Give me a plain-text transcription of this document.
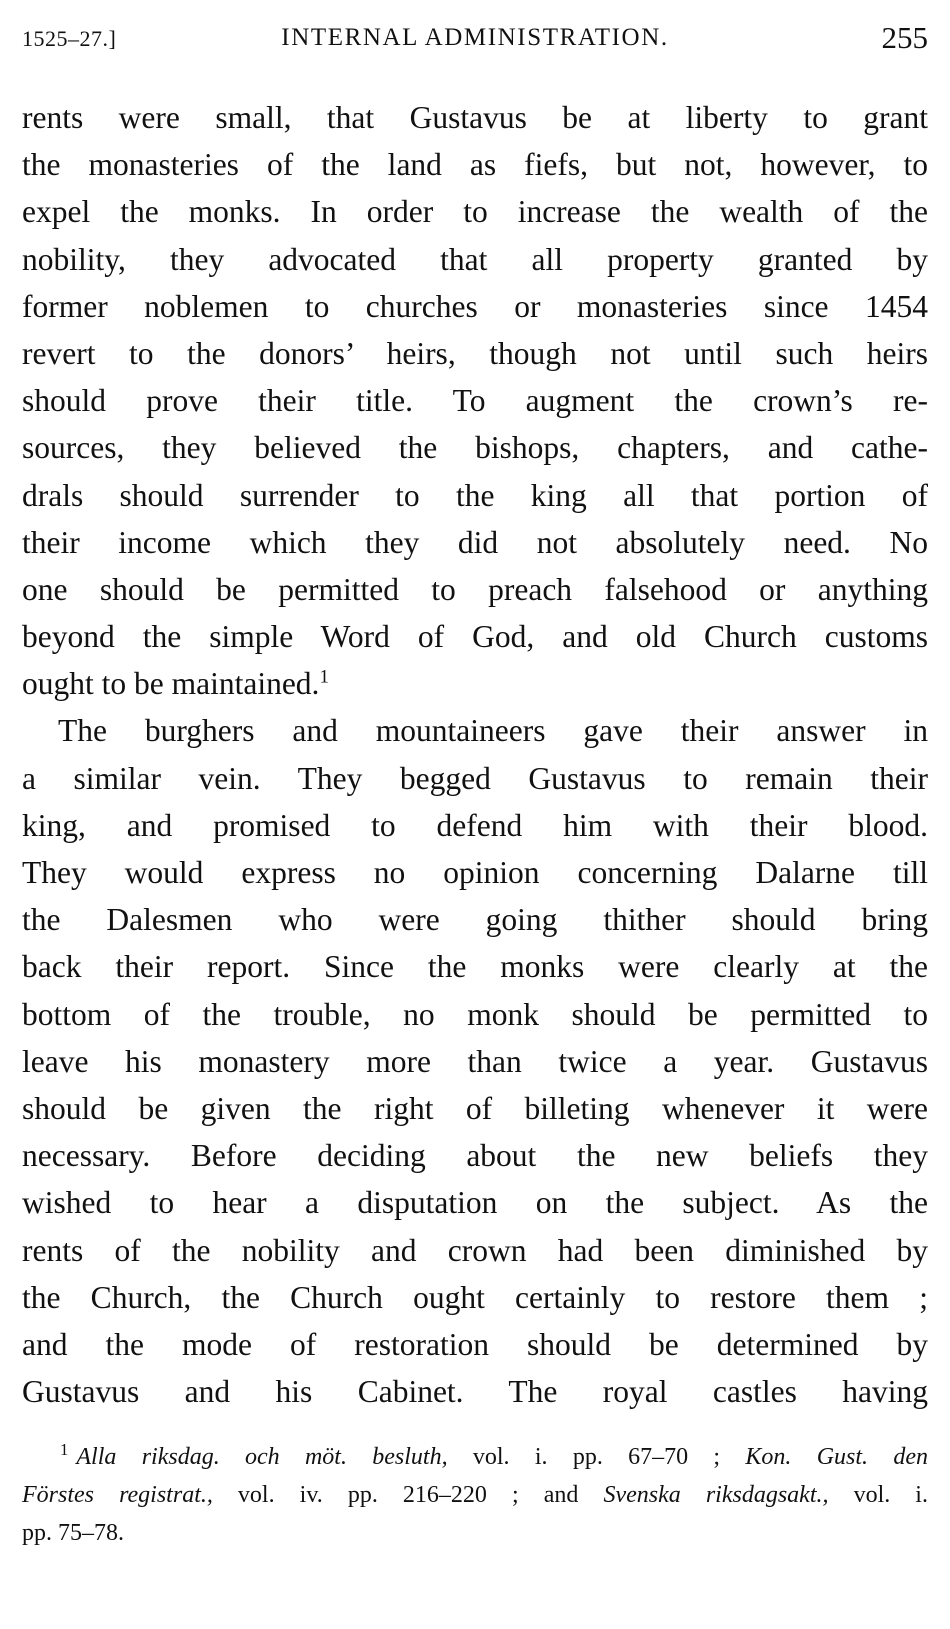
1525–27.]	INTERNAL ADMINISTRATION.	255
rents were small, that Gustavus be at liberty to grant
the monasteries of the land as fiefs, but not, however, to
expel the monks. In order to increase the wealth of the
nobility, they advocated that all property granted by
former noblemen to churches or monasteries since 1454
revert to the donors’ heirs, though not until such heirs
should prove their title. To augment the crown’s re-
sources, they believed the bishops, chapters, and cathe-
drals should surrender to the king all that portion of
their income which they did not absolutely need. No
one should be permitted to preach falsehood or anything
beyond the simple Word of God, and old Church customs
ought to be maintained.$^1$
The burghers and mountaineers gave their answer in
a similar vein. They begged Gustavus to remain their
king, and promised to defend him with their blood.
They would express no opinion concerning Dalarne till
the Dalesmen who were going thither should bring
back their report. Since the monks were clearly at the
bottom of the trouble, no monk should be permitted to
leave his monastery more than twice a year. Gustavus
should be given the right of billeting whenever it were
necessary. Before deciding about the new beliefs they
wished to hear a disputation on the subject. As the
rents of the nobility and crown had been diminished by
the Church, the Church ought certainly to restore them ;
and the mode of restoration should be determined by
Gustavus and his Cabinet. The royal castles having
$^1$ Alla riksdag. och möt. besluth, vol. i. pp. 67–70 ; Kon. Gust. den
Förstes registrat., vol. iv. pp. 216–220 ; and Svenska riksdagsakt., vol. i.
pp. 75–78.
